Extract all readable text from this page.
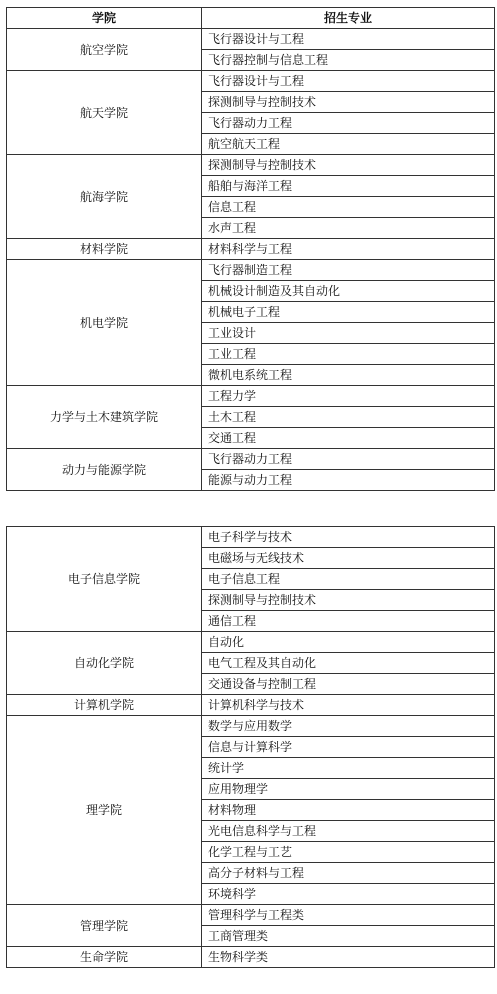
学院	招生专业
航空学院	飞行器设计与工程
	飞行器控制与信息工程
航天学院	飞行器设计与工程
	探测制导与控制技术
	飞行器动力工程
	航空航天工程
航海学院	探测制导与控制技术
	船舶与海洋工程
	信息工程
	水声工程
材料学院	材料科学与工程
机电学院	飞行器制造工程
	机械设计制造及其自动化
	机械电子工程
	工业设计
	工业工程
	微机电系统工程
力学与土木建筑学院	工程力学
	土木工程
	交通工程
动力与能源学院	飞行器动力工程
	能源与动力工程
电子信息学院	电子科学与技术
	电磁场与无线技术
	电子信息工程
	探测制导与控制技术
	通信工程
自动化学院	自动化
	电气工程及其自动化
	交通设备与控制工程
计算机学院	计算机科学与技术
理学院	数学与应用数学
	信息与计算科学
	统计学
	应用物理学
	材料物理
	光电信息科学与工程
	化学工程与工艺
	高分子材料与工程
	环境科学
管理学院	管理科学与工程类
	工商管理类
生命学院	生物科学类
